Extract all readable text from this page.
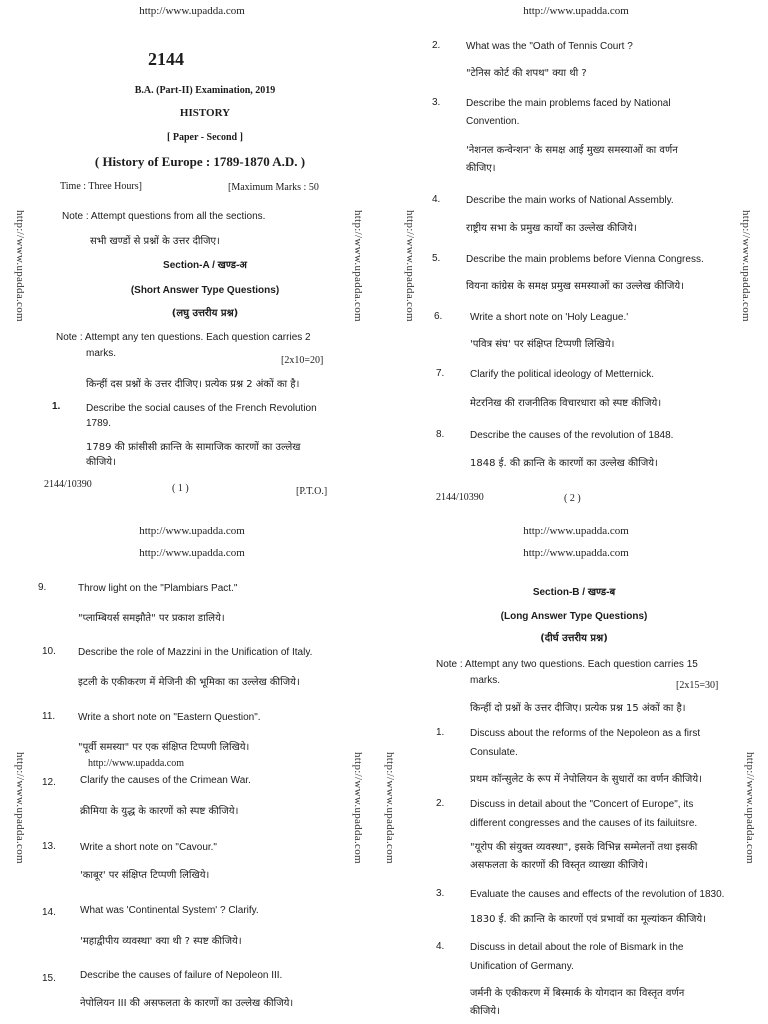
http://www.upadda.com
http://www.upadda.com	http://www.upadda.com
2144
B.A. (Part-II) Examination, 2019
HISTORY
[ Paper - Second ]
( History of Europe : 1789-1870 A.D. )
Time : Three Hours]	[Maximum Marks : 50
Note : Attempt questions from all the sections.
सभी खण्डों से प्रश्नों के उत्तर दीजिए।
Section-A / खण्ड-अ
(Short Answer Type Questions)
(लघु उत्तरीय प्रश्न)
Note : Attempt any ten questions. Each question carries 2
marks.
[2x10=20]
किन्हीं दस प्रश्नों के उत्तर दीजिए। प्रत्येक प्रश्न 2 अंकों का है।
1.	Describe the social causes of the French Revolution
1789.
1789 की फ्रांसीसी क्रान्ति के सामाजिक कारणों का उल्लेख
कीजिये।
2144/10390	( 1 )	[P.T.O.]
http://www.upadda.com
http://www.upadda.com	http://www.upadda.com
2.	What was the "Oath of Tennis Court ?
"टेनिस कोर्ट की शपथ" क्या थी ?
3.	Describe the main problems faced by National
Convention.
'नेशनल कन्वेन्शन' के समक्ष आई मुख्य समस्याओं का वर्णन
कीजिए।
4.	Describe the main works of National Assembly.
राष्ट्रीय सभा के प्रमुख कार्यों का उल्लेख कीजिये।
5.	Describe the main problems before Vienna Congress.
वियना कांग्रेस के समक्ष प्रमुख समस्याओं का उल्लेख कीजिये।
6.	Write a short note on 'Holy League.'
'पवित्र संघ' पर संक्षिप्त टिप्पणी लिखिये।
7.	Clarify the political ideology of Metternick.
मेटरनिख की राजनीतिक विचारधारा को स्पष्ट कीजिये।
8.	Describe the causes of the revolution of 1848.
1848 ई. की क्रान्ति के कारणों का उल्लेख कीजिये।
2144/10390	( 2 )
http://www.upadda.com
http://www.upadda.com
http://www.upadda.com	http://www.upadda.com
9.	Throw light on the "Plambiars Pact."
"प्लाम्बियर्स समझौते" पर प्रकाश डालिये।
10. Describe the role of Mazzini in the Unification of Italy.
इटली के एकीकरण में मेजिनी की भूमिका का उल्लेख कीजिये।
11. Write a short note on "Eastern Question".
"पूर्वी समस्या" पर एक संक्षिप्त टिप्पणी लिखिये।
http://www.upadda.com
12. Clarify the causes of the Crimean War.
क्रीमिया के युद्ध के कारणों को स्पष्ट कीजिये।
13. Write a short note on "Cavour."
'काबूर' पर संक्षिप्त टिप्पणी लिखिये।
14. What was 'Continental System' ? Clarify.
'महाद्वीपीय व्यवस्था' क्या थी ? स्पष्ट कीजिये।
15. Describe the causes of failure of Nepoleon III.
नेपोलियन III की असफलता के कारणों का उल्लेख कीजिये।
http://www.upadda.com
http://www.upadda.com
http://www.upadda.com	http://www.upadda.com
Section-B / खण्ड-ब
(Long Answer Type Questions)
(दीर्घ उत्तरीय प्रश्न)
Note : Attempt any two questions. Each question carries 15
marks.	[2x15=30]
किन्हीं दो प्रश्नों के उत्तर दीजिए। प्रत्येक प्रश्न 15 अंकों का है।
1.	Discuss about the reforms of the Nepoleon as a first
Consulate.
प्रथम कॉन्सुलेट के रूप में नेपोलियन के सुधारों का वर्णन कीजिये।
2.	Discuss in detail about the "Concert of Europe", its
different congresses and the causes of its failuitsre.
"यूरोप की संयुक्त व्यवस्था", इसके विभिन्न सम्मेलनों तथा इसकी
असफलता के कारणों की विस्तृत व्याख्या कीजिये।
3.	Evaluate the causes and effects of the revolution of 1830.
1830 ई. की क्रान्ति के कारणों एवं प्रभावों का मूल्यांकन कीजिये।
4.	Discuss in detail about the role of Bismark in the
Unification of Germany.
जर्मनी के एकीकरण में बिस्मार्क के योगदान का विस्तृत वर्णन
कीजिये।
